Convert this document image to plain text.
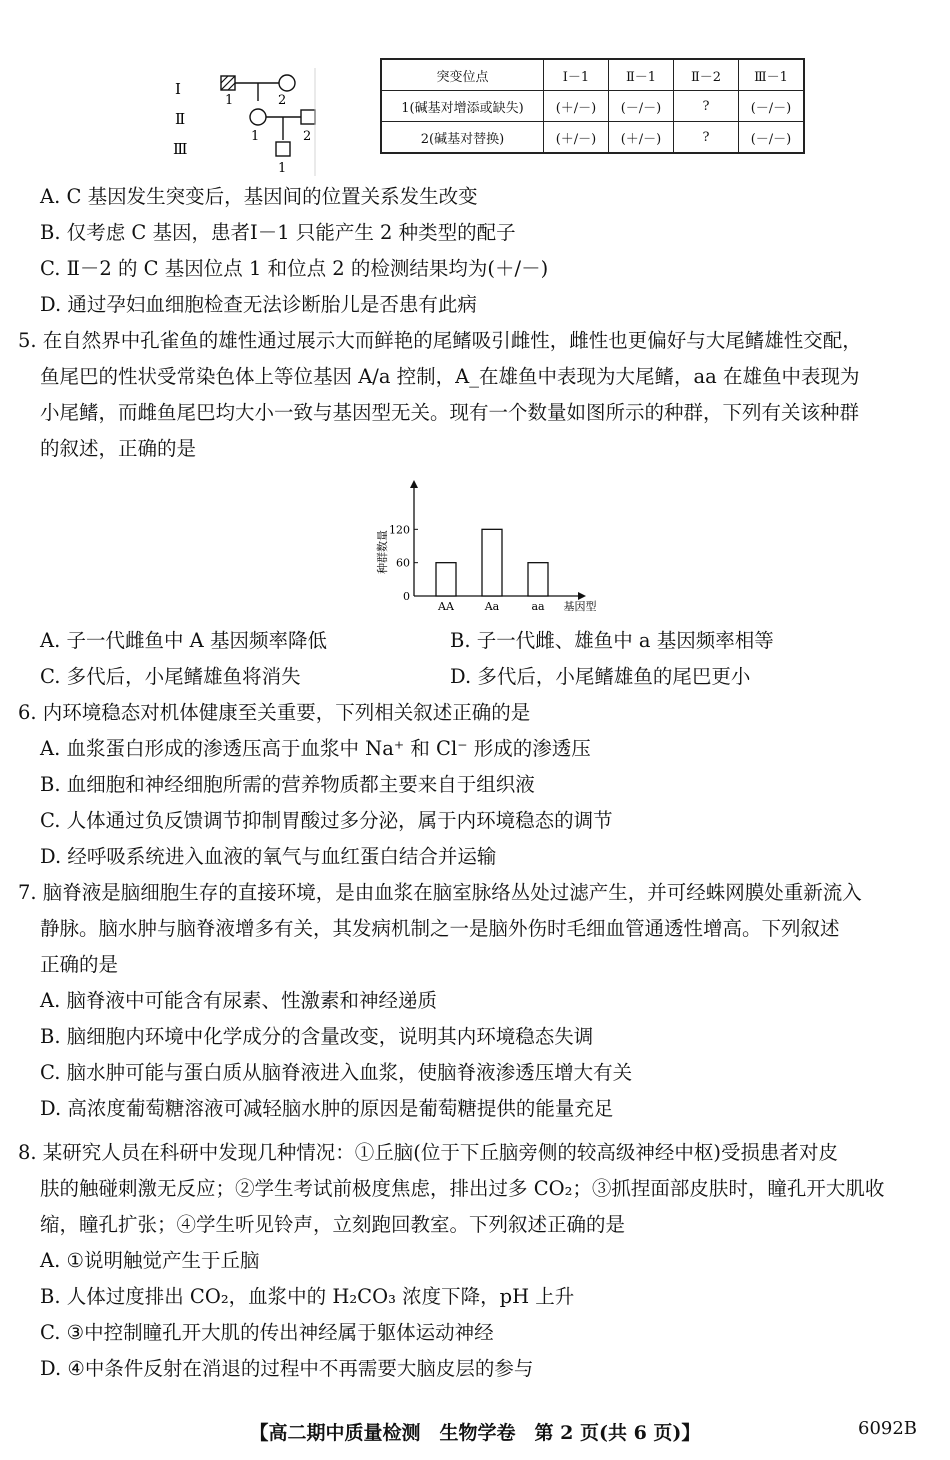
Ⅰ
Ⅱ
Ⅲ
1	2
1	2
1
突变位点	Ⅰ－1	Ⅱ－1	Ⅱ－2	Ⅲ－1
1(碱基对增添或缺失)	(＋/－)	(－/－)	?	(－/－)
2(碱基对替换)	(＋/－)	(＋/－)	?	(－/－)
A. C 基因发生突变后，基因间的位置关系发生改变
B. 仅考虑 C 基因，患者Ⅰ－1 只能产生 2 种类型的配子
C. Ⅱ－2 的 C 基因位点 1 和位点 2 的检测结果均为(＋/－)
D. 通过孕妇血细胞检查无法诊断胎儿是否患有此病
5. 在自然界中孔雀鱼的雄性通过展示大而鲜艳的尾鳍吸引雌性，雌性也更偏好与大尾鳍雄性交配，
鱼尾巴的性状受常染色体上等位基因 A/a 控制，A_在雄鱼中表现为大尾鳍，aa 在雄鱼中表现为
小尾鳍，而雌鱼尾巴均大小一致与基因型无关。现有一个数量如图所示的种群，下列有关该种群
的叙述，正确的是
0
60
120
种群数量
AA	Aa	aa 基因型
A. 子一代雌鱼中 A 基因频率降低	B. 子一代雌、雄鱼中 a 基因频率相等
C. 多代后，小尾鳍雄鱼将消失	D. 多代后，小尾鳍雄鱼的尾巴更小
6. 内环境稳态对机体健康至关重要，下列相关叙述正确的是
A. 血浆蛋白形成的渗透压高于血浆中 Na⁺ 和 Cl⁻ 形成的渗透压
B. 血细胞和神经细胞所需的营养物质都主要来自于组织液
C. 人体通过负反馈调节抑制胃酸过多分泌，属于内环境稳态的调节
D. 经呼吸系统进入血液的氧气与血红蛋白结合并运输
7. 脑脊液是脑细胞生存的直接环境，是由血浆在脑室脉络丛处过滤产生，并可经蛛网膜处重新流入
静脉。脑水肿与脑脊液增多有关，其发病机制之一是脑外伤时毛细血管通透性增高。下列叙述
正确的是
A. 脑脊液中可能含有尿素、性激素和神经递质
B. 脑细胞内环境中化学成分的含量改变，说明其内环境稳态失调
C. 脑水肿可能与蛋白质从脑脊液进入血浆，使脑脊液渗透压增大有关
D. 高浓度葡萄糖溶液可减轻脑水肿的原因是葡萄糖提供的能量充足
8. 某研究人员在科研中发现几种情况：①丘脑(位于下丘脑旁侧的较高级神经中枢)受损患者对皮
肤的触碰刺激无反应；②学生考试前极度焦虑，排出过多 CO₂；③抓捏面部皮肤时，瞳孔开大肌收
缩，瞳孔扩张；④学生听见铃声，立刻跑回教室。下列叙述正确的是
A. ①说明触觉产生于丘脑
B. 人体过度排出 CO₂，血浆中的 H₂CO₃ 浓度下降，pH 上升
C. ③中控制瞳孔开大肌的传出神经属于躯体运动神经
D. ④中条件反射在消退的过程中不再需要大脑皮层的参与
【高二期中质量检测　生物学卷　第 2 页(共 6 页)】	6092B
